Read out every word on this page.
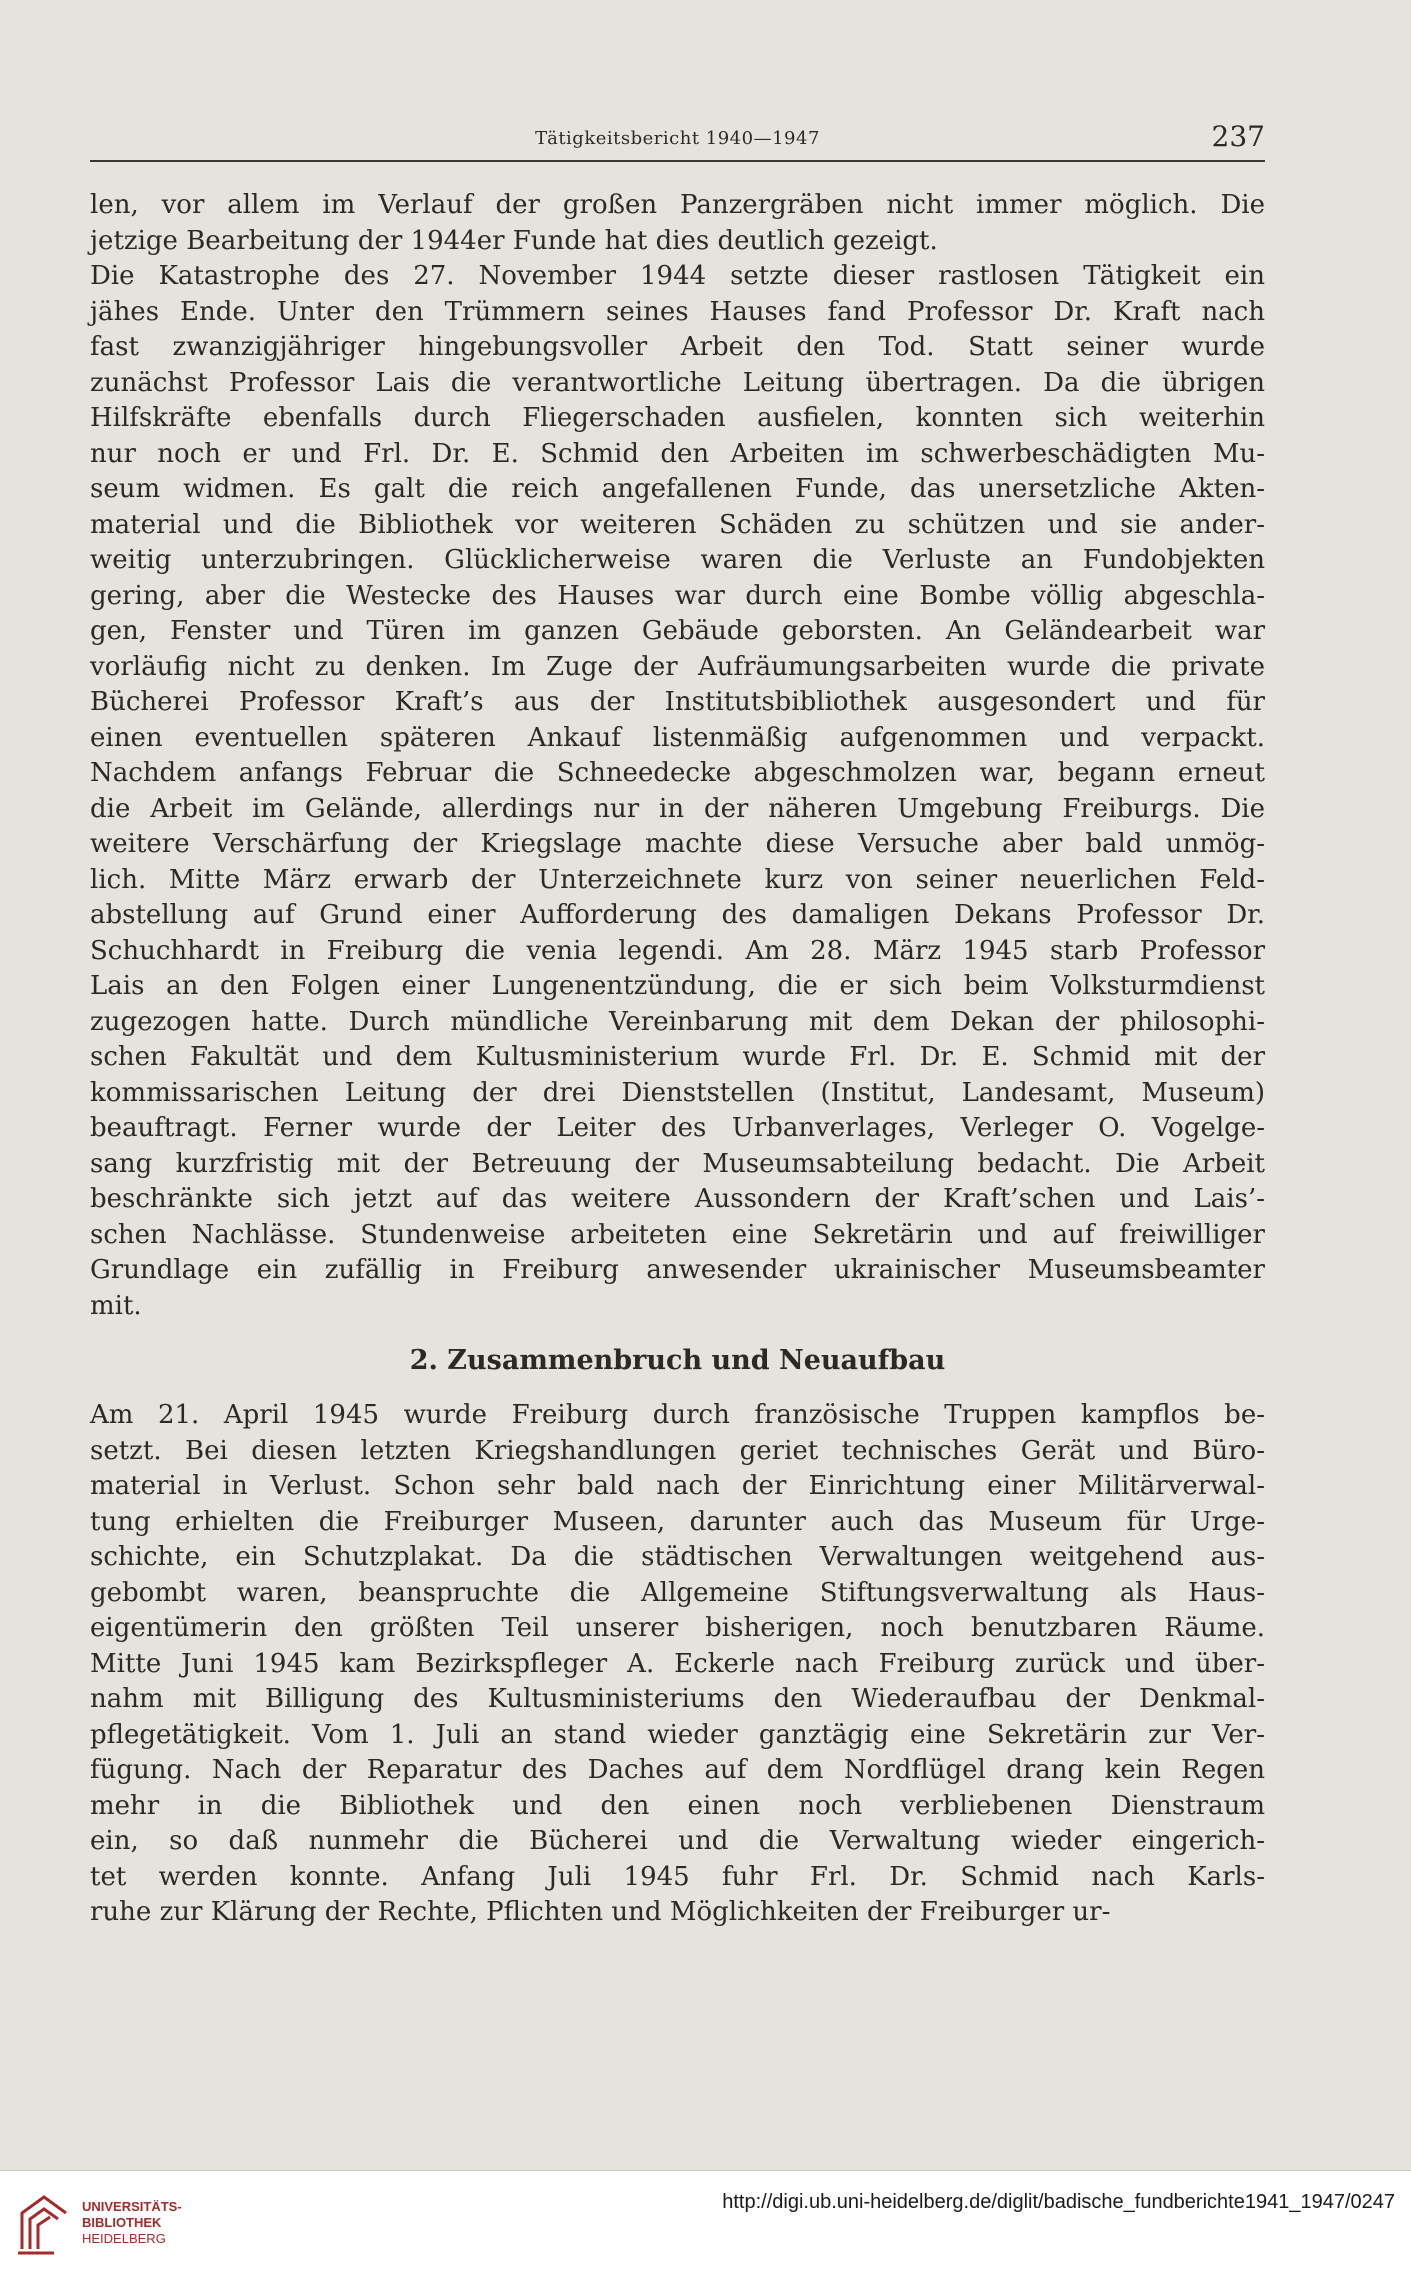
Tätigkeitsbericht 1940—1947	237
len, vor allem im Verlauf der großen Panzergräben nicht immer möglich. Die
jetzige Bearbeitung der 1944er Funde hat dies deutlich gezeigt.
Die Katastrophe des 27. November 1944 setzte dieser rastlosen Tätigkeit ein
jähes Ende. Unter den Trümmern seines Hauses fand Professor Dr. Kraft nach
fast zwanzigjähriger hingebungsvoller Arbeit den Tod. Statt seiner wurde
zunächst Professor Lais die verantwortliche Leitung übertragen. Da die übrigen
Hilfskräfte ebenfalls durch Fliegerschaden ausfielen, konnten sich weiterhin
nur noch er und Frl. Dr. E. Schmid den Arbeiten im schwerbeschädigten Mu-
seum widmen. Es galt die reich angefallenen Funde, das unersetzliche Akten-
material und die Bibliothek vor weiteren Schäden zu schützen und sie ander-
weitig unterzubringen. Glücklicherweise waren die Verluste an Fundobjekten
gering, aber die Westecke des Hauses war durch eine Bombe völlig abgeschla-
gen, Fenster und Türen im ganzen Gebäude geborsten. An Geländearbeit war
vorläufig nicht zu denken. Im Zuge der Aufräumungsarbeiten wurde die private
Bücherei Professor Kraft’s aus der Institutsbibliothek ausgesondert und für
einen eventuellen späteren Ankauf listenmäßig aufgenommen und verpackt.
Nachdem anfangs Februar die Schneedecke abgeschmolzen war, begann erneut
die Arbeit im Gelände, allerdings nur in der näheren Umgebung Freiburgs. Die
weitere Verschärfung der Kriegslage machte diese Versuche aber bald unmög-
lich. Mitte März erwarb der Unterzeichnete kurz von seiner neuerlichen Feld-
abstellung auf Grund einer Aufforderung des damaligen Dekans Professor Dr.
Schuchhardt in Freiburg die venia legendi. Am 28. März 1945 starb Professor
Lais an den Folgen einer Lungenentzündung, die er sich beim Volksturmdienst
zugezogen hatte. Durch mündliche Vereinbarung mit dem Dekan der philosophi-
schen Fakultät und dem Kultusministerium wurde Frl. Dr. E. Schmid mit der
kommissarischen Leitung der drei Dienststellen (Institut, Landesamt, Museum)
beauftragt. Ferner wurde der Leiter des Urbanverlages, Verleger O. Vogelge-
sang kurzfristig mit der Betreuung der Museumsabteilung bedacht. Die Arbeit
beschränkte sich jetzt auf das weitere Aussondern der Kraft’schen und Lais’-
schen Nachlässe. Stundenweise arbeiteten eine Sekretärin und auf freiwilliger
Grundlage ein zufällig in Freiburg anwesender ukrainischer Museumsbeamter
mit.
2. Zusammenbruch und Neuaufbau
Am 21. April 1945 wurde Freiburg durch französische Truppen kampflos be-
setzt. Bei diesen letzten Kriegshandlungen geriet technisches Gerät und Büro-
material in Verlust. Schon sehr bald nach der Einrichtung einer Militärverwal-
tung erhielten die Freiburger Museen, darunter auch das Museum für Urge-
schichte, ein Schutzplakat. Da die städtischen Verwaltungen weitgehend aus-
gebombt waren, beanspruchte die Allgemeine Stiftungsverwaltung als Haus-
eigentümerin den größten Teil unserer bisherigen, noch benutzbaren Räume.
Mitte Juni 1945 kam Bezirkspfleger A. Eckerle nach Freiburg zurück und über-
nahm mit Billigung des Kultusministeriums den Wiederaufbau der Denkmal-
pflegetätigkeit. Vom 1. Juli an stand wieder ganztägig eine Sekretärin zur Ver-
fügung. Nach der Reparatur des Daches auf dem Nordflügel drang kein Regen
mehr in die Bibliothek und den einen noch verbliebenen Dienstraum
ein, so daß nunmehr die Bücherei und die Verwaltung wieder eingerich-
tet werden konnte. Anfang Juli 1945 fuhr Frl. Dr. Schmid nach Karls-
ruhe zur Klärung der Rechte, Pflichten und Möglichkeiten der Freiburger ur-
UNIVERSITÄTS-
BIBLIOTHEK
HEIDELBERG
http://digi.ub.uni-heidelberg.de/diglit/badische_fundberichte1941_1947/0247
